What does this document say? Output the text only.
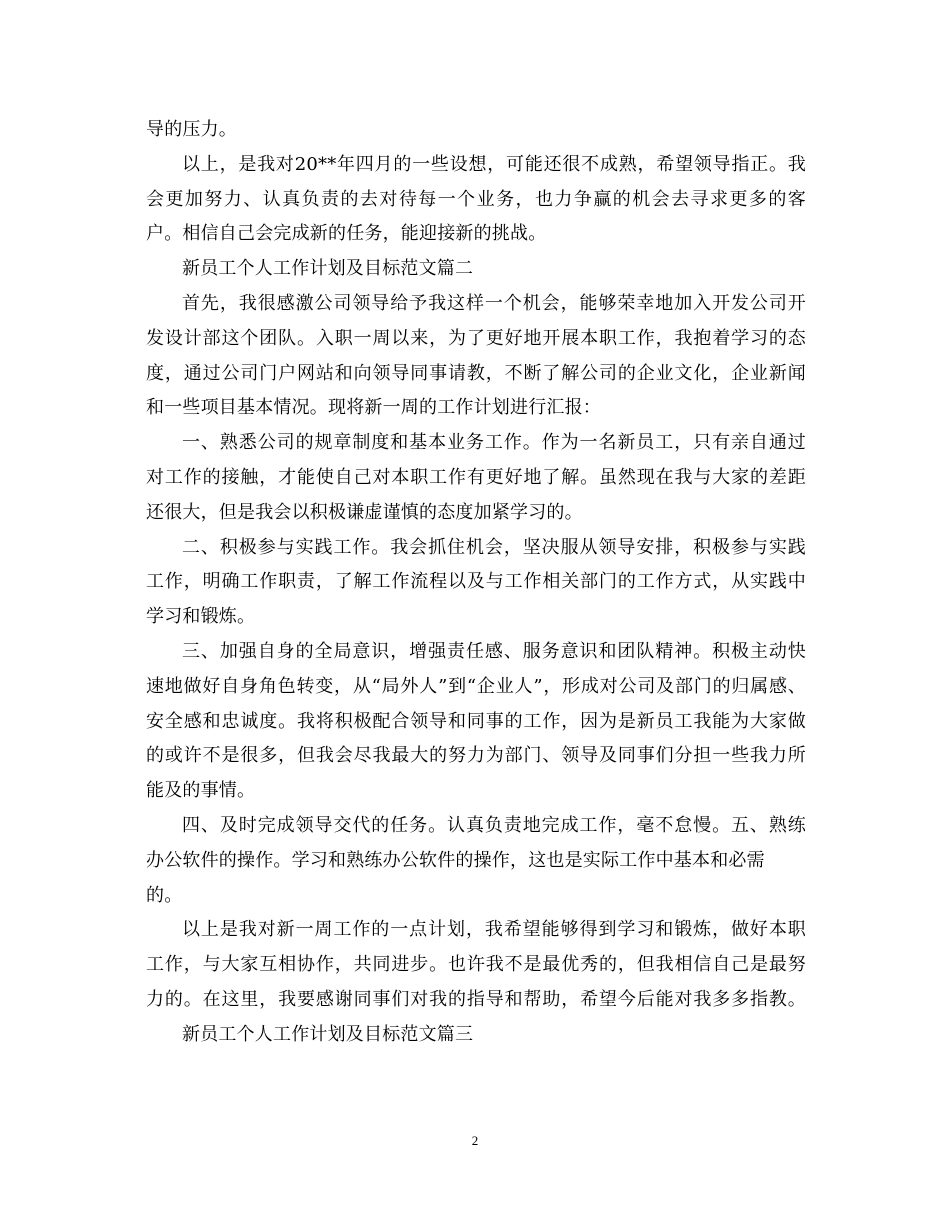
导的压力。
以上，是我对20**年四月的一些设想，可能还很不成熟，希望领导指正。我
会更加努力、认真负责的去对待每一个业务，也力争赢的机会去寻求更多的客
户。相信自己会完成新的任务，能迎接新的挑战。
新员工个人工作计划及目标范文篇二
首先，我很感激公司领导给予我这样一个机会，能够荣幸地加入开发公司开
发设计部这个团队。入职一周以来，为了更好地开展本职工作，我抱着学习的态
度，通过公司门户网站和向领导同事请教，不断了解公司的企业文化，企业新闻
和一些项目基本情况。现将新一周的工作计划进行汇报：
一、熟悉公司的规章制度和基本业务工作。作为一名新员工，只有亲自通过
对工作的接触，才能使自己对本职工作有更好地了解。虽然现在我与大家的差距
还很大，但是我会以积极谦虚谨慎的态度加紧学习的。
二、积极参与实践工作。我会抓住机会，坚决服从领导安排，积极参与实践
工作，明确工作职责，了解工作流程以及与工作相关部门的工作方式，从实践中
学习和锻炼。
三、加强自身的全局意识，增强责任感、服务意识和团队精神。积极主动快
速地做好自身角色转变，从“局外人”到“企业人”，形成对公司及部门的归属感、
安全感和忠诚度。我将积极配合领导和同事的工作，因为是新员工我能为大家做
的或许不是很多，但我会尽我最大的努力为部门、领导及同事们分担一些我力所
能及的事情。
四、及时完成领导交代的任务。认真负责地完成工作，毫不怠慢。五、熟练
办公软件的操作。学习和熟练办公软件的操作，这也是实际工作中基本和必需
的。
以上是我对新一周工作的一点计划，我希望能够得到学习和锻炼，做好本职
工作，与大家互相协作，共同进步。也许我不是最优秀的，但我相信自己是最努
力的。在这里，我要感谢同事们对我的指导和帮助，希望今后能对我多多指教。
新员工个人工作计划及目标范文篇三
2
